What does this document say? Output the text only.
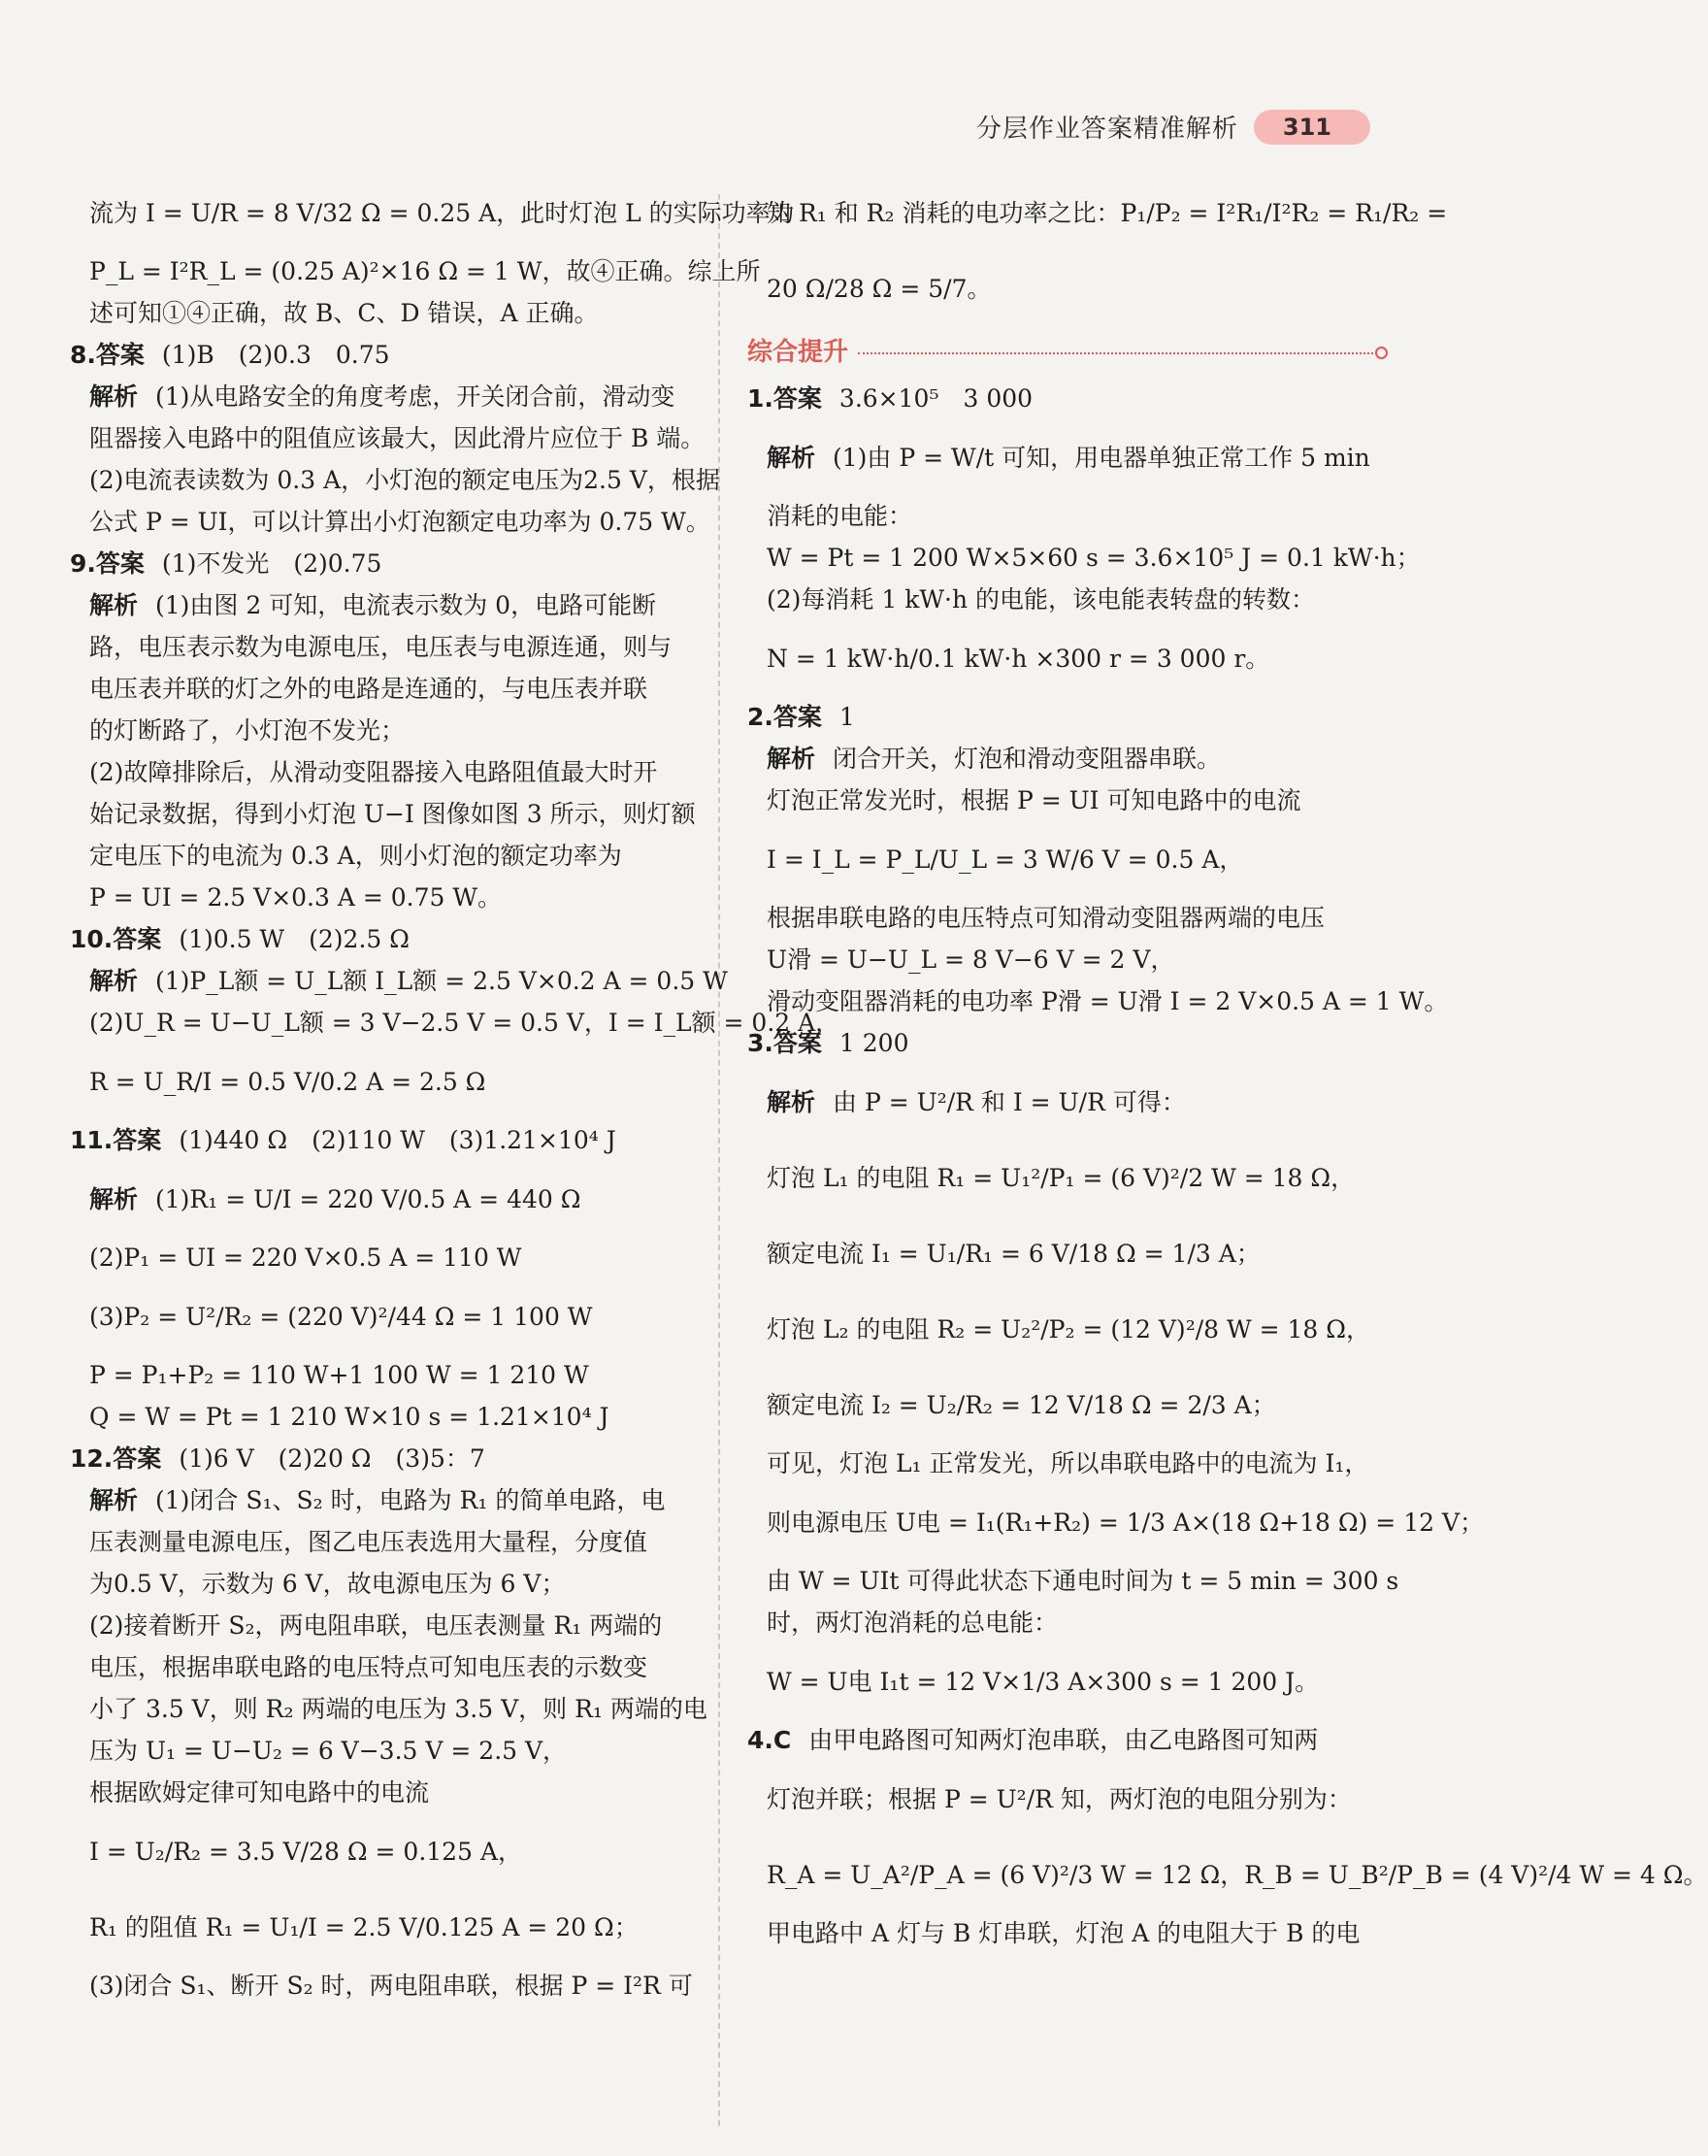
分层作业答案精准解析	311
流为 I = U/R = 8 V/32 Ω = 0.25 A，此时灯泡 L 的实际功率为
P_L = I²R_L = (0.25 A)²×16 Ω = 1 W，故④正确。综上所
述可知①④正确，故 B、C、D 错误，A 正确。
8.答案 (1)B　(2)0.3　0.75
解析 (1)从电路安全的角度考虑，开关闭合前，滑动变
阻器接入电路中的阻值应该最大，因此滑片应位于 B 端。
(2)电流表读数为 0.3 A，小灯泡的额定电压为2.5 V，根据
公式 P = UI，可以计算出小灯泡额定电功率为 0.75 W。
9.答案 (1)不发光　(2)0.75
解析 (1)由图 2 可知，电流表示数为 0，电路可能断
路，电压表示数为电源电压，电压表与电源连通，则与
电压表并联的灯之外的电路是连通的，与电压表并联
的灯断路了，小灯泡不发光；
(2)故障排除后，从滑动变阻器接入电路阻值最大时开
始记录数据，得到小灯泡 U−I 图像如图 3 所示，则灯额
定电压下的电流为 0.3 A，则小灯泡的额定功率为
P = UI = 2.5 V×0.3 A = 0.75 W。
10.答案 (1)0.5 W　(2)2.5 Ω
解析 (1)P_L额 = U_L额 I_L额 = 2.5 V×0.2 A = 0.5 W
(2)U_R = U−U_L额 = 3 V−2.5 V = 0.5 V，I = I_L额 = 0.2 A，
R = U_R/I = 0.5 V/0.2 A = 2.5 Ω
11.答案 (1)440 Ω　(2)110 W　(3)1.21×10⁴ J
解析 (1)R₁ = U/I = 220 V/0.5 A = 440 Ω
(2)P₁ = UI = 220 V×0.5 A = 110 W
(3)P₂ = U²/R₂ = (220 V)²/44 Ω = 1 100 W
P = P₁+P₂ = 110 W+1 100 W = 1 210 W
Q = W = Pt = 1 210 W×10 s = 1.21×10⁴ J
12.答案 (1)6 V　(2)20 Ω　(3)5：7
解析 (1)闭合 S₁、S₂ 时，电路为 R₁ 的简单电路，电
压表测量电源电压，图乙电压表选用大量程，分度值
为0.5 V，示数为 6 V，故电源电压为 6 V；
(2)接着断开 S₂，两电阻串联，电压表测量 R₁ 两端的
电压，根据串联电路的电压特点可知电压表的示数变
小了 3.5 V，则 R₂ 两端的电压为 3.5 V，则 R₁ 两端的电
压为 U₁ = U−U₂ = 6 V−3.5 V = 2.5 V，
根据欧姆定律可知电路中的电流
I = U₂/R₂ = 3.5 V/28 Ω = 0.125 A，
R₁ 的阻值 R₁ = U₁/I = 2.5 V/0.125 A = 20 Ω；
(3)闭合 S₁、断开 S₂ 时，两电阻串联，根据 P = I²R 可
知 R₁ 和 R₂ 消耗的电功率之比：P₁/P₂ = I²R₁/I²R₂ = R₁/R₂ =
20 Ω/28 Ω = 5/7。
综合提升
1.答案 3.6×10⁵　3 000
解析 (1)由 P = W/t 可知，用电器单独正常工作 5 min
消耗的电能：
W = Pt = 1 200 W×5×60 s = 3.6×10⁵ J = 0.1 kW·h；
(2)每消耗 1 kW·h 的电能，该电能表转盘的转数：
N = 1 kW·h/0.1 kW·h ×300 r = 3 000 r。
2.答案 1
解析 闭合开关，灯泡和滑动变阻器串联。
灯泡正常发光时，根据 P = UI 可知电路中的电流
I = I_L = P_L/U_L = 3 W/6 V = 0.5 A，
根据串联电路的电压特点可知滑动变阻器两端的电压
U滑 = U−U_L = 8 V−6 V = 2 V，
滑动变阻器消耗的电功率 P滑 = U滑 I = 2 V×0.5 A = 1 W。
3.答案 1 200
解析 由 P = U²/R 和 I = U/R 可得：
灯泡 L₁ 的电阻 R₁ = U₁²/P₁ = (6 V)²/2 W = 18 Ω，
额定电流 I₁ = U₁/R₁ = 6 V/18 Ω = 1/3 A；
灯泡 L₂ 的电阻 R₂ = U₂²/P₂ = (12 V)²/8 W = 18 Ω，
额定电流 I₂ = U₂/R₂ = 12 V/18 Ω = 2/3 A；
可见，灯泡 L₁ 正常发光，所以串联电路中的电流为 I₁，
则电源电压 U电 = I₁(R₁+R₂) = 1/3 A×(18 Ω+18 Ω) = 12 V；
由 W = UIt 可得此状态下通电时间为 t = 5 min = 300 s
时，两灯泡消耗的总电能：
W = U电 I₁t = 12 V×1/3 A×300 s = 1 200 J。
4.C 由甲电路图可知两灯泡串联，由乙电路图可知两
灯泡并联；根据 P = U²/R 知，两灯泡的电阻分别为：
R_A = U_A²/P_A = (6 V)²/3 W = 12 Ω，R_B = U_B²/P_B = (4 V)²/4 W = 4 Ω。
甲电路中 A 灯与 B 灯串联，灯泡 A 的电阻大于 B 的电
